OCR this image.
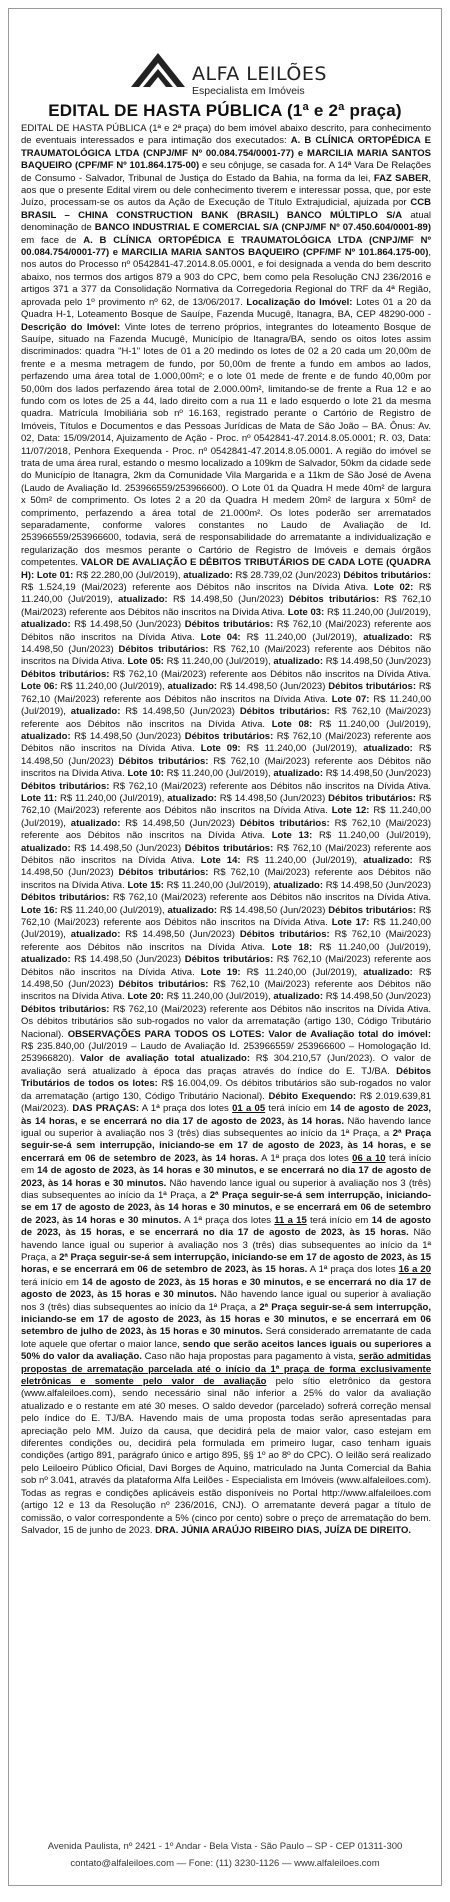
ALFA LEILÕES
Especialista em Imóveis
EDITAL DE HASTA PÚBLICA (1ª e 2ª praça)
EDITAL DE HASTA PÚBLICA (1ª e 2ª praça) do bem imóvel abaixo descrito, para conhecimento de eventuais interessados e para intimação dos executados: A. B CLÍNICA ORTOPÉDICA E TRAUMATOLÓGICA LTDA (CNPJ/MF Nº 00.084.754/0001-77) e MARCILIA MARIA SANTOS BAQUEIRO (CPF/MF Nº 101.864.175-00) e seu cônjuge, se casada for. A 14ª Vara De Relações de Consumo - Salvador, Tribunal de Justiça do Estado da Bahia, na forma da lei, FAZ SABER, aos que o presente Edital virem ou dele conhecimento tiverem e interessar possa, que, por este Juízo, processam-se os autos da Ação de Execução de Título Extrajudicial, ajuizada por CCB BRASIL – CHINA CONSTRUCTION BANK (BRASIL) BANCO MÚLTIPLO S/A atual denominação de BANCO INDUSTRIAL E COMERCIAL S/A (CNPJ/MF Nº 07.450.604/0001-89) em face de A. B CLÍNICA ORTOPÉDICA E TRAUMATOLÓGICA LTDA (CNPJ/MF Nº 00.084.754/0001-77) e MARCILIA MARIA SANTOS BAQUEIRO (CPF/MF Nº 101.864.175-00), nos autos do Processo nº 0542841-47.2014.8.05.0001, e foi designada a venda do bem descrito abaixo, nos termos dos artigos 879 a 903 do CPC, bem como pela Resolução CNJ 236/2016 e artigos 371 a 377 da Consolidação Normativa da Corregedoria Regional do TRF da 4ª Região, aprovada pelo 1º provimento nº 62, de 13/06/2017. Localização do Imóvel: Lotes 01 a 20 da Quadra H-1, Loteamento Bosque de Sauípe, Fazenda Mucugê, Itanagra, BA, CEP 48290-000 - Descrição do Imóvel: Vinte lotes de terreno próprios, integrantes do loteamento Bosque de Sauípe, situado na Fazenda Mucugê, Município de Itanagra/BA, sendo os oitos lotes assim discriminados: quadra "H-1" lotes de 01 a 20 medindo os lotes de 02 a 20 cada um 20,00m de frente e a mesma metragem de fundo, por 50,00m de frente a fundo em ambos ao lados, perfazendo uma área total de 1.000,00m²; e o lote 01 mede de frente e de fundo 40,00m por 50,00m dos lados perfazendo área total de 2.000.00m², limitando-se de frente a Rua 12 e ao fundo com os lotes de 25 a 44, lado direito com a rua 11 e lado esquerdo o lote 21 da mesma quadra. Matrícula Imobiliária sob nº 16.163, registrado perante o Cartório de Registro de Imóveis, Títulos e Documentos e das Pessoas Jurídicas de Mata de São João – BA. Ônus: Av. 02, Data: 15/09/2014, Ajuizamento de Ação - Proc. nº 0542841-47.2014.8.05.0001; R. 03, Data: 11/07/2018, Penhora Exequenda - Proc. nº 0542841-47.2014.8.05.0001. A região do imóvel se trata de uma área rural, estando o mesmo localizado a 109km de Salvador, 50km da cidade sede do Município de Itanagra, 2km da Comunidade Vila Margarida e a 11km de São José de Avena (Laudo de Avaliação Id. 253966559/253966600). O Lote 01 da Quadra H mede 40m² de largura x 50m² de comprimento. Os lotes 2 a 20 da Quadra H medem 20m² de largura x 50m² de comprimento, perfazendo a área total de 21.000m². Os lotes poderão ser arrematados separadamente, conforme valores constantes no Laudo de Avaliação de Id. 253966559/253966600, todavia, será de responsabilidade do arrematante a individualização e regularização dos mesmos perante o Cartório de Registro de Imóveis e demais órgãos competentes. VALOR DE AVALIAÇÃO E DÉBITOS TRIBUTÁRIOS DE CADA LOTE (QUADRA H): Lote 01: R$ 22.280,00 (Jul/2019), atualizado: R$ 28.739,02 (Jun/2023) Débitos tributários: R$ 1.524,19 (Mai/2023) referente aos Débitos não inscritos na Dívida Ativa. Lote 02: R$ 11.240,00 (Jul/2019), atualizado: R$ 14.498,50 (Jun/2023) Débitos tributários: R$ 762,10 (Mai/2023) referente aos Débitos não inscritos na Dívida Ativa. Lote 03: R$ 11.240,00 (Jul/2019), atualizado: R$ 14.498,50 (Jun/2023) Débitos tributários: R$ 762,10 (Mai/2023) referente aos Débitos não inscritos na Dívida Ativa. Lote 04: R$ 11.240,00 (Jul/2019), atualizado: R$ 14.498,50 (Jun/2023) Débitos tributários: R$ 762,10 (Mai/2023) referente aos Débitos não inscritos na Dívida Ativa. Lote 05: R$ 11.240,00 (Jul/2019), atualizado: R$ 14.498,50 (Jun/2023) Débitos tributários: R$ 762,10 (Mai/2023) referente aos Débitos não inscritos na Dívida Ativa. Lote 06: R$ 11.240,00 (Jul/2019), atualizado: R$ 14.498,50 (Jun/2023) Débitos tributários: R$ 762,10 (Mai/2023) referente aos Débitos não inscritos na Dívida Ativa. Lote 07: R$ 11.240,00 (Jul/2019), atualizado: R$ 14.498,50 (Jun/2023) Débitos tributários: R$ 762,10 (Mai/2023) referente aos Débitos não inscritos na Dívida Ativa. Lote 08: R$ 11.240,00 (Jul/2019), atualizado: R$ 14.498,50 (Jun/2023) Débitos tributários: R$ 762,10 (Mai/2023) referente aos Débitos não inscritos na Dívida Ativa. Lote 09: R$ 11.240,00 (Jul/2019), atualizado: R$ 14.498,50 (Jun/2023) Débitos tributários: R$ 762,10 (Mai/2023) referente aos Débitos não inscritos na Dívida Ativa. Lote 10: R$ 11.240,00 (Jul/2019), atualizado: R$ 14.498,50 (Jun/2023) Débitos tributários: R$ 762,10 (Mai/2023) referente aos Débitos não inscritos na Dívida Ativa. Lote 11: R$ 11.240,00 (Jul/2019), atualizado: R$ 14.498,50 (Jun/2023) Débitos tributários: R$ 762,10 (Mai/2023) referente aos Débitos não inscritos na Dívida Ativa. Lote 12: R$ 11.240,00 (Jul/2019), atualizado: R$ 14.498,50 (Jun/2023) Débitos tributários: R$ 762,10 (Mai/2023) referente aos Débitos não inscritos na Dívida Ativa. Lote 13: R$ 11.240,00 (Jul/2019), atualizado: R$ 14.498,50 (Jun/2023) Débitos tributários: R$ 762,10 (Mai/2023) referente aos Débitos não inscritos na Dívida Ativa. Lote 14: R$ 11.240,00 (Jul/2019), atualizado: R$ 14.498,50 (Jun/2023) Débitos tributários: R$ 762,10 (Mai/2023) referente aos Débitos não inscritos na Dívida Ativa. Lote 15: R$ 11.240,00 (Jul/2019), atualizado: R$ 14.498,50 (Jun/2023) Débitos tributários: R$ 762,10 (Mai/2023) referente aos Débitos não inscritos na Dívida Ativa. Lote 16: R$ 11.240,00 (Jul/2019), atualizado: R$ 14.498,50 (Jun/2023) Débitos tributários: R$ 762,10 (Mai/2023) referente aos Débitos não inscritos na Dívida Ativa. Lote 17: R$ 11.240,00 (Jul/2019), atualizado: R$ 14.498,50 (Jun/2023) Débitos tributários: R$ 762,10 (Mai/2023) referente aos Débitos não inscritos na Dívida Ativa. Lote 18: R$ 11.240,00 (Jul/2019), atualizado: R$ 14.498,50 (Jun/2023) Débitos tributários: R$ 762,10 (Mai/2023) referente aos Débitos não inscritos na Dívida Ativa. Lote 19: R$ 11.240,00 (Jul/2019), atualizado: R$ 14.498,50 (Jun/2023) Débitos tributários: R$ 762,10 (Mai/2023) referente aos Débitos não inscritos na Dívida Ativa. Lote 20: R$ 11.240,00 (Jul/2019), atualizado: R$ 14.498,50 (Jun/2023) Débitos tributários: R$ 762,10 (Mai/2023) referente aos Débitos não inscritos na Dívida Ativa. Os débitos tributários são sub-rogados no valor da arrematação (artigo 130, Código Tributário Nacional). OBSERVAÇÕES PARA TODOS OS LOTES: Valor de Avaliação total do imóvel: R$ 235.840,00 (Jul/2019 – Laudo de Avaliação Id. 253966559/ 253966600 – Homologação Id. 253966820). Valor de avaliação total atualizado: R$ 304.210,57 (Jun/2023). O valor de avaliação será atualizado à época das praças através do índice do E. TJ/BA. Débitos Tributários de todos os lotes: R$ 16.004,09. Os débitos tributários são sub-rogados no valor da arrematação (artigo 130, Código Tributário Nacional). Débito Exequendo: R$ 2.019.639,81 (Mai/2023). DAS PRAÇAS: A 1ª praça dos lotes 01 a 05 terá início em 14 de agosto de 2023, às 14 horas, e se encerrará no dia 17 de agosto de 2023, às 14 horas. Não havendo lance igual ou superior à avaliação nos 3 (três) dias subsequentes ao início da 1ª Praça, a 2ª Praça seguir-se-á sem interrupção, iniciando-se em 17 de agosto de 2023, às 14 horas, e se encerrará em 06 de setembro de 2023, às 14 horas. A 1ª praça dos lotes 06 a 10 terá início em 14 de agosto de 2023, às 14 horas e 30 minutos, e se encerrará no dia 17 de agosto de 2023, às 14 horas e 30 minutos. Não havendo lance igual ou superior à avaliação nos 3 (três) dias subsequentes ao início da 1ª Praça, a 2ª Praça seguir-se-á sem interrupção, iniciando-se em 17 de agosto de 2023, às 14 horas e 30 minutos, e se encerrará em 06 de setembro de 2023, às 14 horas e 30 minutos. A 1ª praça dos lotes 11 a 15 terá início em 14 de agosto de 2023, às 15 horas, e se encerrará no dia 17 de agosto de 2023, às 15 horas. Não havendo lance igual ou superior à avaliação nos 3 (três) dias subsequentes ao início da 1ª Praça, a 2ª Praça seguir-se-á sem interrupção, iniciando-se em 17 de agosto de 2023, às 15 horas, e se encerrará em 06 de setembro de 2023, às 15 horas. A 1ª praça dos lotes 16 a 20 terá início em 14 de agosto de 2023, às 15 horas e 30 minutos, e se encerrará no dia 17 de agosto de 2023, às 15 horas e 30 minutos. Não havendo lance igual ou superior à avaliação nos 3 (três) dias subsequentes ao início da 1ª Praça, a 2ª Praça seguir-se-á sem interrupção, iniciando-se em 17 de agosto de 2023, às 15 horas e 30 minutos, e se encerrará em 06 setembro de julho de 2023, às 15 horas e 30 minutos. Será considerado arrematante de cada lote aquele que ofertar o maior lance, sendo que serão aceitos lances iguais ou superiores a 50% do valor da avaliação. Caso não haja propostas para pagamento à vista, serão admitidas propostas de arrematação parcelada até o início da 1ª praça de forma exclusivamente eletrônicas e somente pelo valor de avaliação pelo sítio eletrônico da gestora (www.alfaleiloes.com), sendo necessário sinal não inferior a 25% do valor da avaliação atualizado e o restante em até 30 meses. O saldo devedor (parcelado) sofrerá correção mensal pelo índice do E. TJ/BA. Havendo mais de uma proposta todas serão apresentadas para apreciação pelo MM. Juízo da causa, que decidirá pela de maior valor, caso estejam em diferentes condições ou, decidirá pela formulada em primeiro lugar, caso tenham iguais condições (artigo 891, parágrafo único e artigo 895, §§ 1º ao 8º do CPC). O leilão será realizado pelo Leiloeiro Público Oficial, Davi Borges de Aquino, matriculado na Junta Comercial da Bahia sob nº 3.041, através da plataforma Alfa Leilões - Especialista em Imóveis (www.alfaleiloes.com). Todas as regras e condições aplicáveis estão disponíveis no Portal http://www.alfaleiloes.com (artigo 12 e 13 da Resolução nº 236/2016, CNJ). O arrematante deverá pagar a título de comissão, o valor correspondente a 5% (cinco por cento) sobre o preço de arrematação do bem. Salvador, 15 de junho de 2023. DRA. JÚNIA ARAÚJO RIBEIRO DIAS, JUÍZA DE DIREITO.
Avenida Paulista, nº 2421 - 1º Andar - Bela Vista - São Paulo – SP - CEP 01311-300
contato@alfaleiloes.com — Fone: (11) 3230-1126 — www.alfaleiloes.com
